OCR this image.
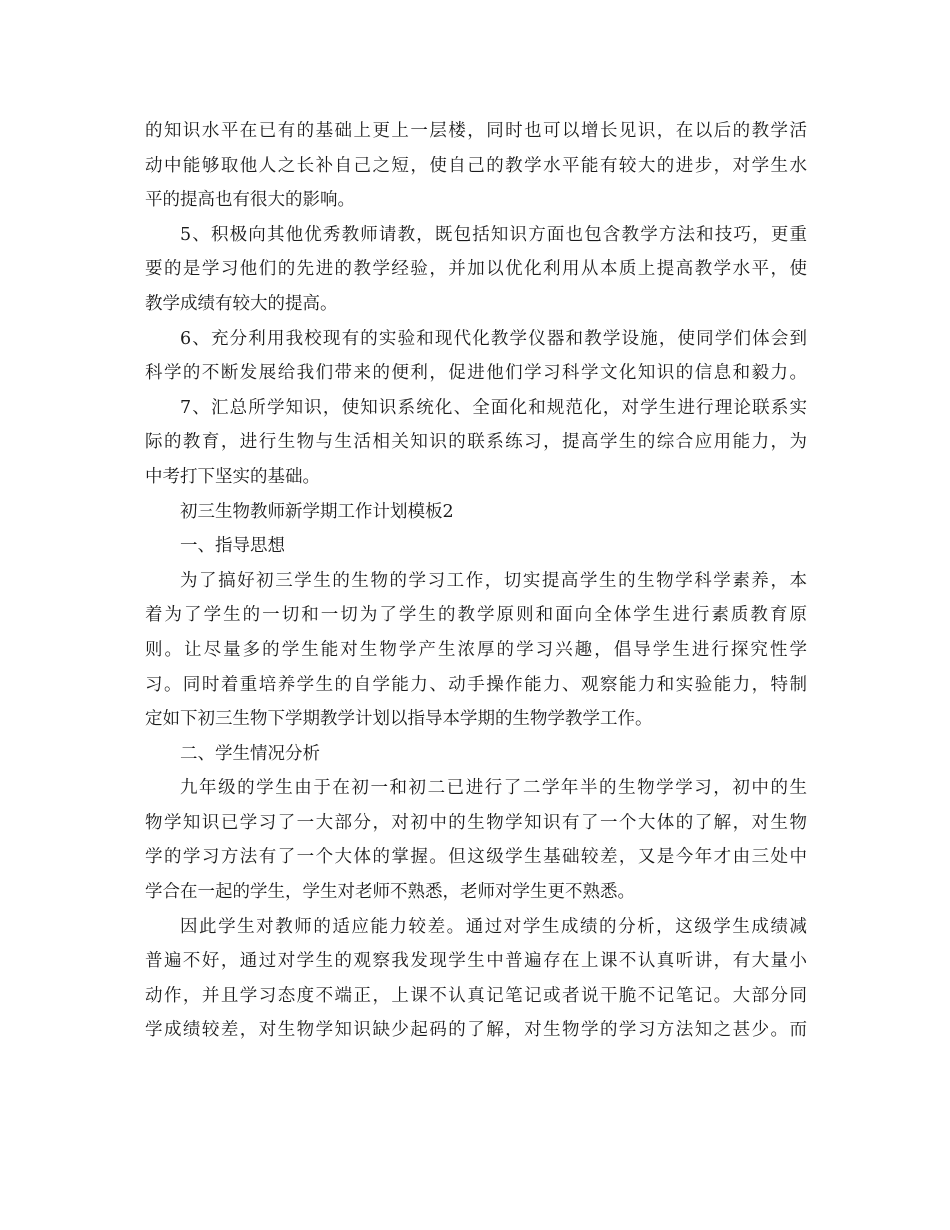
的知识水平在已有的基础上更上一层楼，同时也可以增长见识，在以后的教学活
动中能够取他人之长补自己之短，使自己的教学水平能有较大的进步，对学生水
平的提高也有很大的影响。
5、积极向其他优秀教师请教，既包括知识方面也包含教学方法和技巧，更重
要的是学习他们的先进的教学经验，并加以优化利用从本质上提高教学水平，使
教学成绩有较大的提高。
6、充分利用我校现有的实验和现代化教学仪器和教学设施，使同学们体会到
科学的不断发展给我们带来的便利，促进他们学习科学文化知识的信息和毅力。
7、汇总所学知识，使知识系统化、全面化和规范化，对学生进行理论联系实
际的教育，进行生物与生活相关知识的联系练习，提高学生的综合应用能力，为
中考打下坚实的基础。
初三生物教师新学期工作计划模板2
一、指导思想
为了搞好初三学生的生物的学习工作，切实提高学生的生物学科学素养，本
着为了学生的一切和一切为了学生的教学原则和面向全体学生进行素质教育原
则。让尽量多的学生能对生物学产生浓厚的学习兴趣，倡导学生进行探究性学
习。同时着重培养学生的自学能力、动手操作能力、观察能力和实验能力，特制
定如下初三生物下学期教学计划以指导本学期的生物学教学工作。
二、学生情况分析
九年级的学生由于在初一和初二已进行了二学年半的生物学学习，初中的生
物学知识已学习了一大部分，对初中的生物学知识有了一个大体的了解，对生物
学的学习方法有了一个大体的掌握。但这级学生基础较差，又是今年才由三处中
学合在一起的学生，学生对老师不熟悉，老师对学生更不熟悉。
因此学生对教师的适应能力较差。通过对学生成绩的分析，这级学生成绩减
普遍不好，通过对学生的观察我发现学生中普遍存在上课不认真听讲，有大量小
动作，并且学习态度不端正，上课不认真记笔记或者说干脆不记笔记。大部分同
学成绩较差，对生物学知识缺少起码的了解，对生物学的学习方法知之甚少。而
